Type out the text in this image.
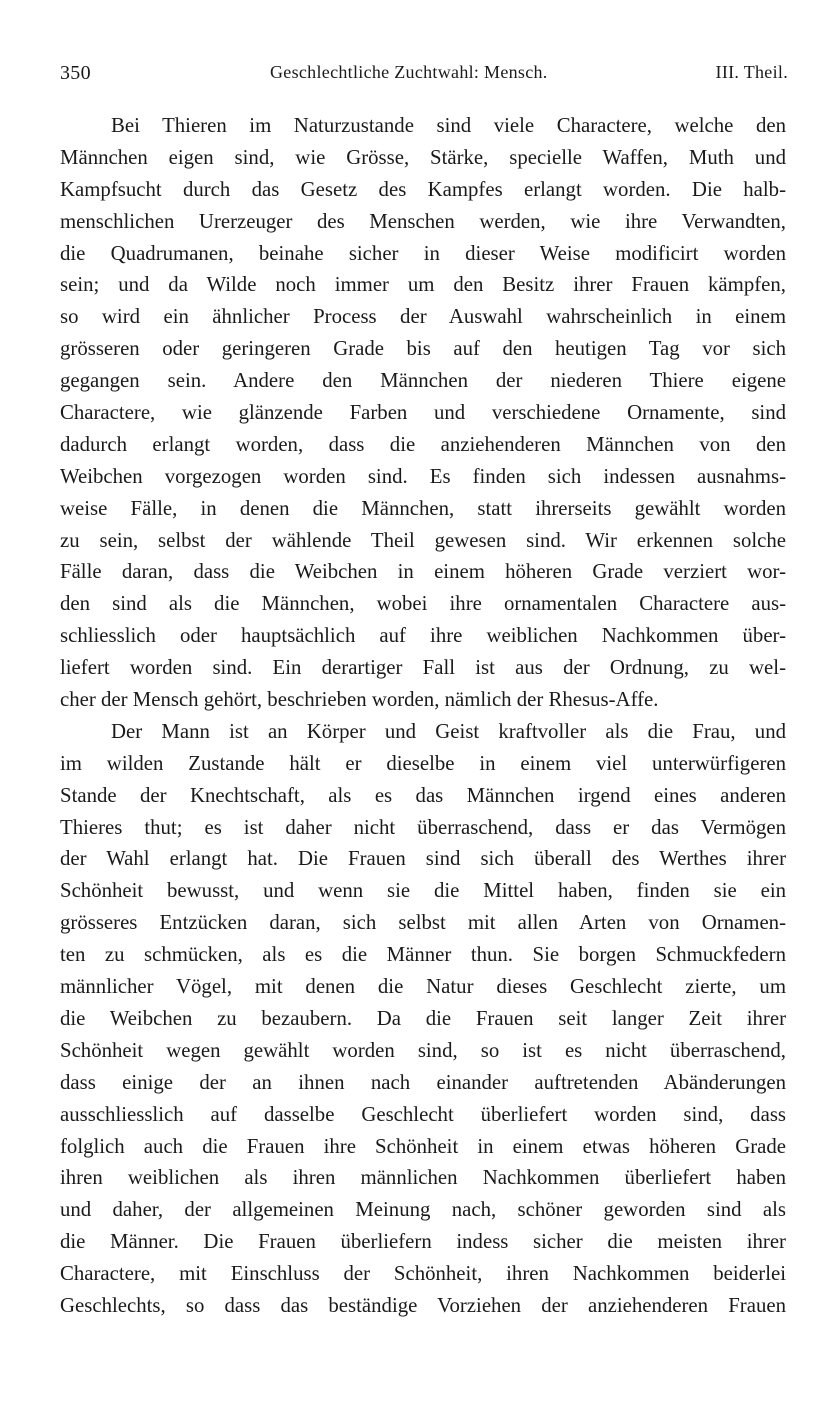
350	Geschlechtliche Zuchtwahl: Mensch.	III. Theil.
Bei Thieren im Naturzustande sind viele Charactere, welche den
Männchen eigen sind, wie Grösse, Stärke, specielle Waffen, Muth und
Kampfsucht durch das Gesetz des Kampfes erlangt worden. Die halb-
menschlichen Urerzeuger des Menschen werden, wie ihre Verwandten,
die Quadrumanen, beinahe sicher in dieser Weise modificirt worden
sein; und da Wilde noch immer um den Besitz ihrer Frauen kämpfen,
so wird ein ähnlicher Process der Auswahl wahrscheinlich in einem
grösseren oder geringeren Grade bis auf den heutigen Tag vor sich
gegangen sein. Andere den Männchen der niederen Thiere eigene
Charactere, wie glänzende Farben und verschiedene Ornamente, sind
dadurch erlangt worden, dass die anziehenderen Männchen von den
Weibchen vorgezogen worden sind. Es finden sich indessen ausnahms-
weise Fälle, in denen die Männchen, statt ihrerseits gewählt worden
zu sein, selbst der wählende Theil gewesen sind. Wir erkennen solche
Fälle daran, dass die Weibchen in einem höheren Grade verziert wor-
den sind als die Männchen, wobei ihre ornamentalen Charactere aus-
schliesslich oder hauptsächlich auf ihre weiblichen Nachkommen über-
liefert worden sind. Ein derartiger Fall ist aus der Ordnung, zu wel-
cher der Mensch gehört, beschrieben worden, nämlich der Rhesus-Affe.
Der Mann ist an Körper und Geist kraftvoller als die Frau, und
im wilden Zustande hält er dieselbe in einem viel unterwürfigeren
Stande der Knechtschaft, als es das Männchen irgend eines anderen
Thieres thut; es ist daher nicht überraschend, dass er das Vermögen
der Wahl erlangt hat. Die Frauen sind sich überall des Werthes ihrer
Schönheit bewusst, und wenn sie die Mittel haben, finden sie ein
grösseres Entzücken daran, sich selbst mit allen Arten von Ornamen-
ten zu schmücken, als es die Männer thun. Sie borgen Schmuckfedern
männlicher Vögel, mit denen die Natur dieses Geschlecht zierte, um
die Weibchen zu bezaubern. Da die Frauen seit langer Zeit ihrer
Schönheit wegen gewählt worden sind, so ist es nicht überraschend,
dass einige der an ihnen nach einander auftretenden Abänderungen
ausschliesslich auf dasselbe Geschlecht überliefert worden sind, dass
folglich auch die Frauen ihre Schönheit in einem etwas höheren Grade
ihren weiblichen als ihren männlichen Nachkommen überliefert haben
und daher, der allgemeinen Meinung nach, schöner geworden sind als
die Männer. Die Frauen überliefern indess sicher die meisten ihrer
Charactere, mit Einschluss der Schönheit, ihren Nachkommen beiderlei
Geschlechts, so dass das beständige Vorziehen der anziehenderen Frauen
